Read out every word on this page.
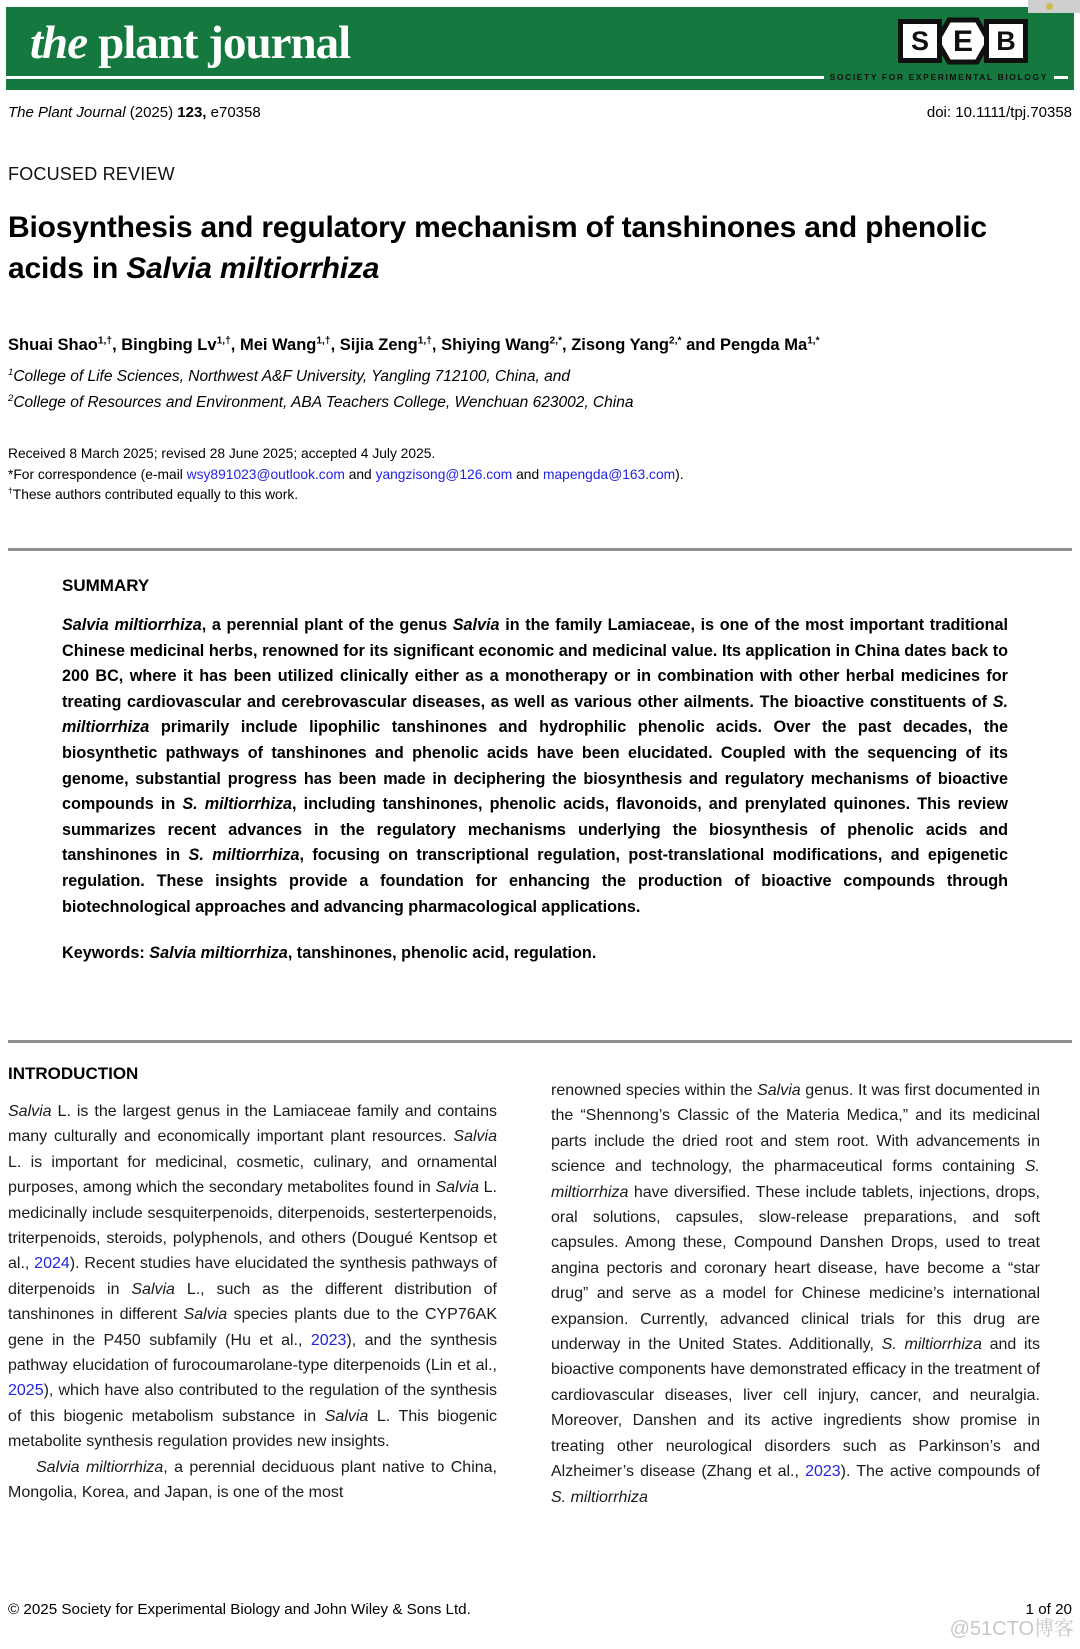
the plant journal	S E B
SOCIETY FOR EXPERIMENTAL BIOLOGY
The Plant Journal (2025) 123, e70358	doi: 10.1111/tpj.70358
FOCUSED REVIEW
Biosynthesis and regulatory mechanism of tanshinones and phenolic acids in Salvia miltiorrhiza
Shuai Shao$^{1,\dagger}$, Bingbing $Lv^{1,\dagger}$, Mei Wang$^{1,\dagger}$, Sijia Zeng$^{1,\dagger}$, Shiying Wang$^{2,*}$, Zisong Yang$^{2,*}$ and Pengda $Ma^{1,*}$
$^1$College of Life Sciences, Northwest A&F University, Yangling 712100, China, and
$^2$College of Resources and Environment, ABA Teachers College, Wenchuan 623002, China
Received 8 March 2025; revised 28 June 2025; accepted 4 July 2025.
*For correspondence (e-mail wsy891023@outlook.com and yangzisong@126.com and mapengda@163.com).
†These authors contributed equally to this work.
SUMMARY

Salvia miltiorrhiza, a perennial plant of the genus Salvia in the family Lamiaceae, is one of the most important traditional Chinese medicinal herbs, renowned for its significant economic and medicinal value. Its application in China dates back to 200 BC, where it has been utilized clinically either as a monotherapy or in combination with other herbal medicines for treating cardiovascular and cerebrovascular diseases, as well as various other ailments. The bioactive constituents of S. miltiorrhiza primarily include lipophilic tanshinones and hydrophilic phenolic acids. Over the past decades, the biosynthetic pathways of tanshinones and phenolic acids have been elucidated. Coupled with the sequencing of its genome, substantial progress has been made in deciphering the biosynthesis and regulatory mechanisms of bioactive compounds in S. miltiorrhiza, including tanshinones, phenolic acids, flavonoids, and prenylated quinones. This review summarizes recent advances in the regulatory mechanisms underlying the biosynthesis of phenolic acids and tanshinones in S. miltiorrhiza, focusing on transcriptional regulation, post-translational modifications, and epigenetic regulation. These insights provide a foundation for enhancing the production of bioactive compounds through biotechnological approaches and advancing pharmacological applications.

Keywords: Salvia miltiorrhiza, tanshinones, phenolic acid, regulation.

INTRODUCTION

Salvia L. is the largest genus in the Lamiaceae family and contains many culturally and economically important plant resources. Salvia L. is important for medicinal, cosmetic, culinary, and ornamental purposes, among which the secondary metabolites found in Salvia L. medicinally include sesquiterpenoids, diterpenoids, sesterterpenoids, triterpenoids, steroids, polyphenols, and others (Dougué Kentsop et al., 2024). Recent studies have elucidated the synthesis pathways of diterpenoids in Salvia L., such as the different distribution of tanshinones in different Salvia species plants due to the CYP76AK gene in the P450 subfamily (Hu et al., 2023), and the synthesis pathway elucidation of furocoumarolane-type diterpenoids (Lin et al., 2025), which have also contributed to the regulation of the synthesis of this biogenic metabolism substance in Salvia L. This biogenic metabolite synthesis regulation provides new insights.

Salvia miltiorrhiza, a perennial deciduous plant native to China, Mongolia, Korea, and Japan, is one of the most

renowned species within the Salvia genus. It was first documented in the “Shennong’s Classic of the Materia Medica,” and its medicinal parts include the dried root and stem root. With advancements in science and technology, the pharmaceutical forms containing S. miltiorrhiza have diversified. These include tablets, injections, drops, oral solutions, capsules, slow-release preparations, and soft capsules. Among these, Compound Danshen Drops, used to treat angina pectoris and coronary heart disease, have become a “star drug” and serve as a model for Chinese medicine’s international expansion. Currently, advanced clinical trials for this drug are underway in the United States. Additionally, S. miltiorrhiza and its bioactive components have demonstrated efficacy in the treatment of cardiovascular diseases, liver cell injury, cancer, and neuralgia. Moreover, Danshen and its active ingredients show promise in treating other neurological disorders such as Parkinson’s and Alzheimer’s disease (Zhang et al., 2023). The active compounds of S. miltiorrhiza

@51CTO博客
© 2025 Society for Experimental Biology and John Wiley & Sons Ltd.	1 of 20
